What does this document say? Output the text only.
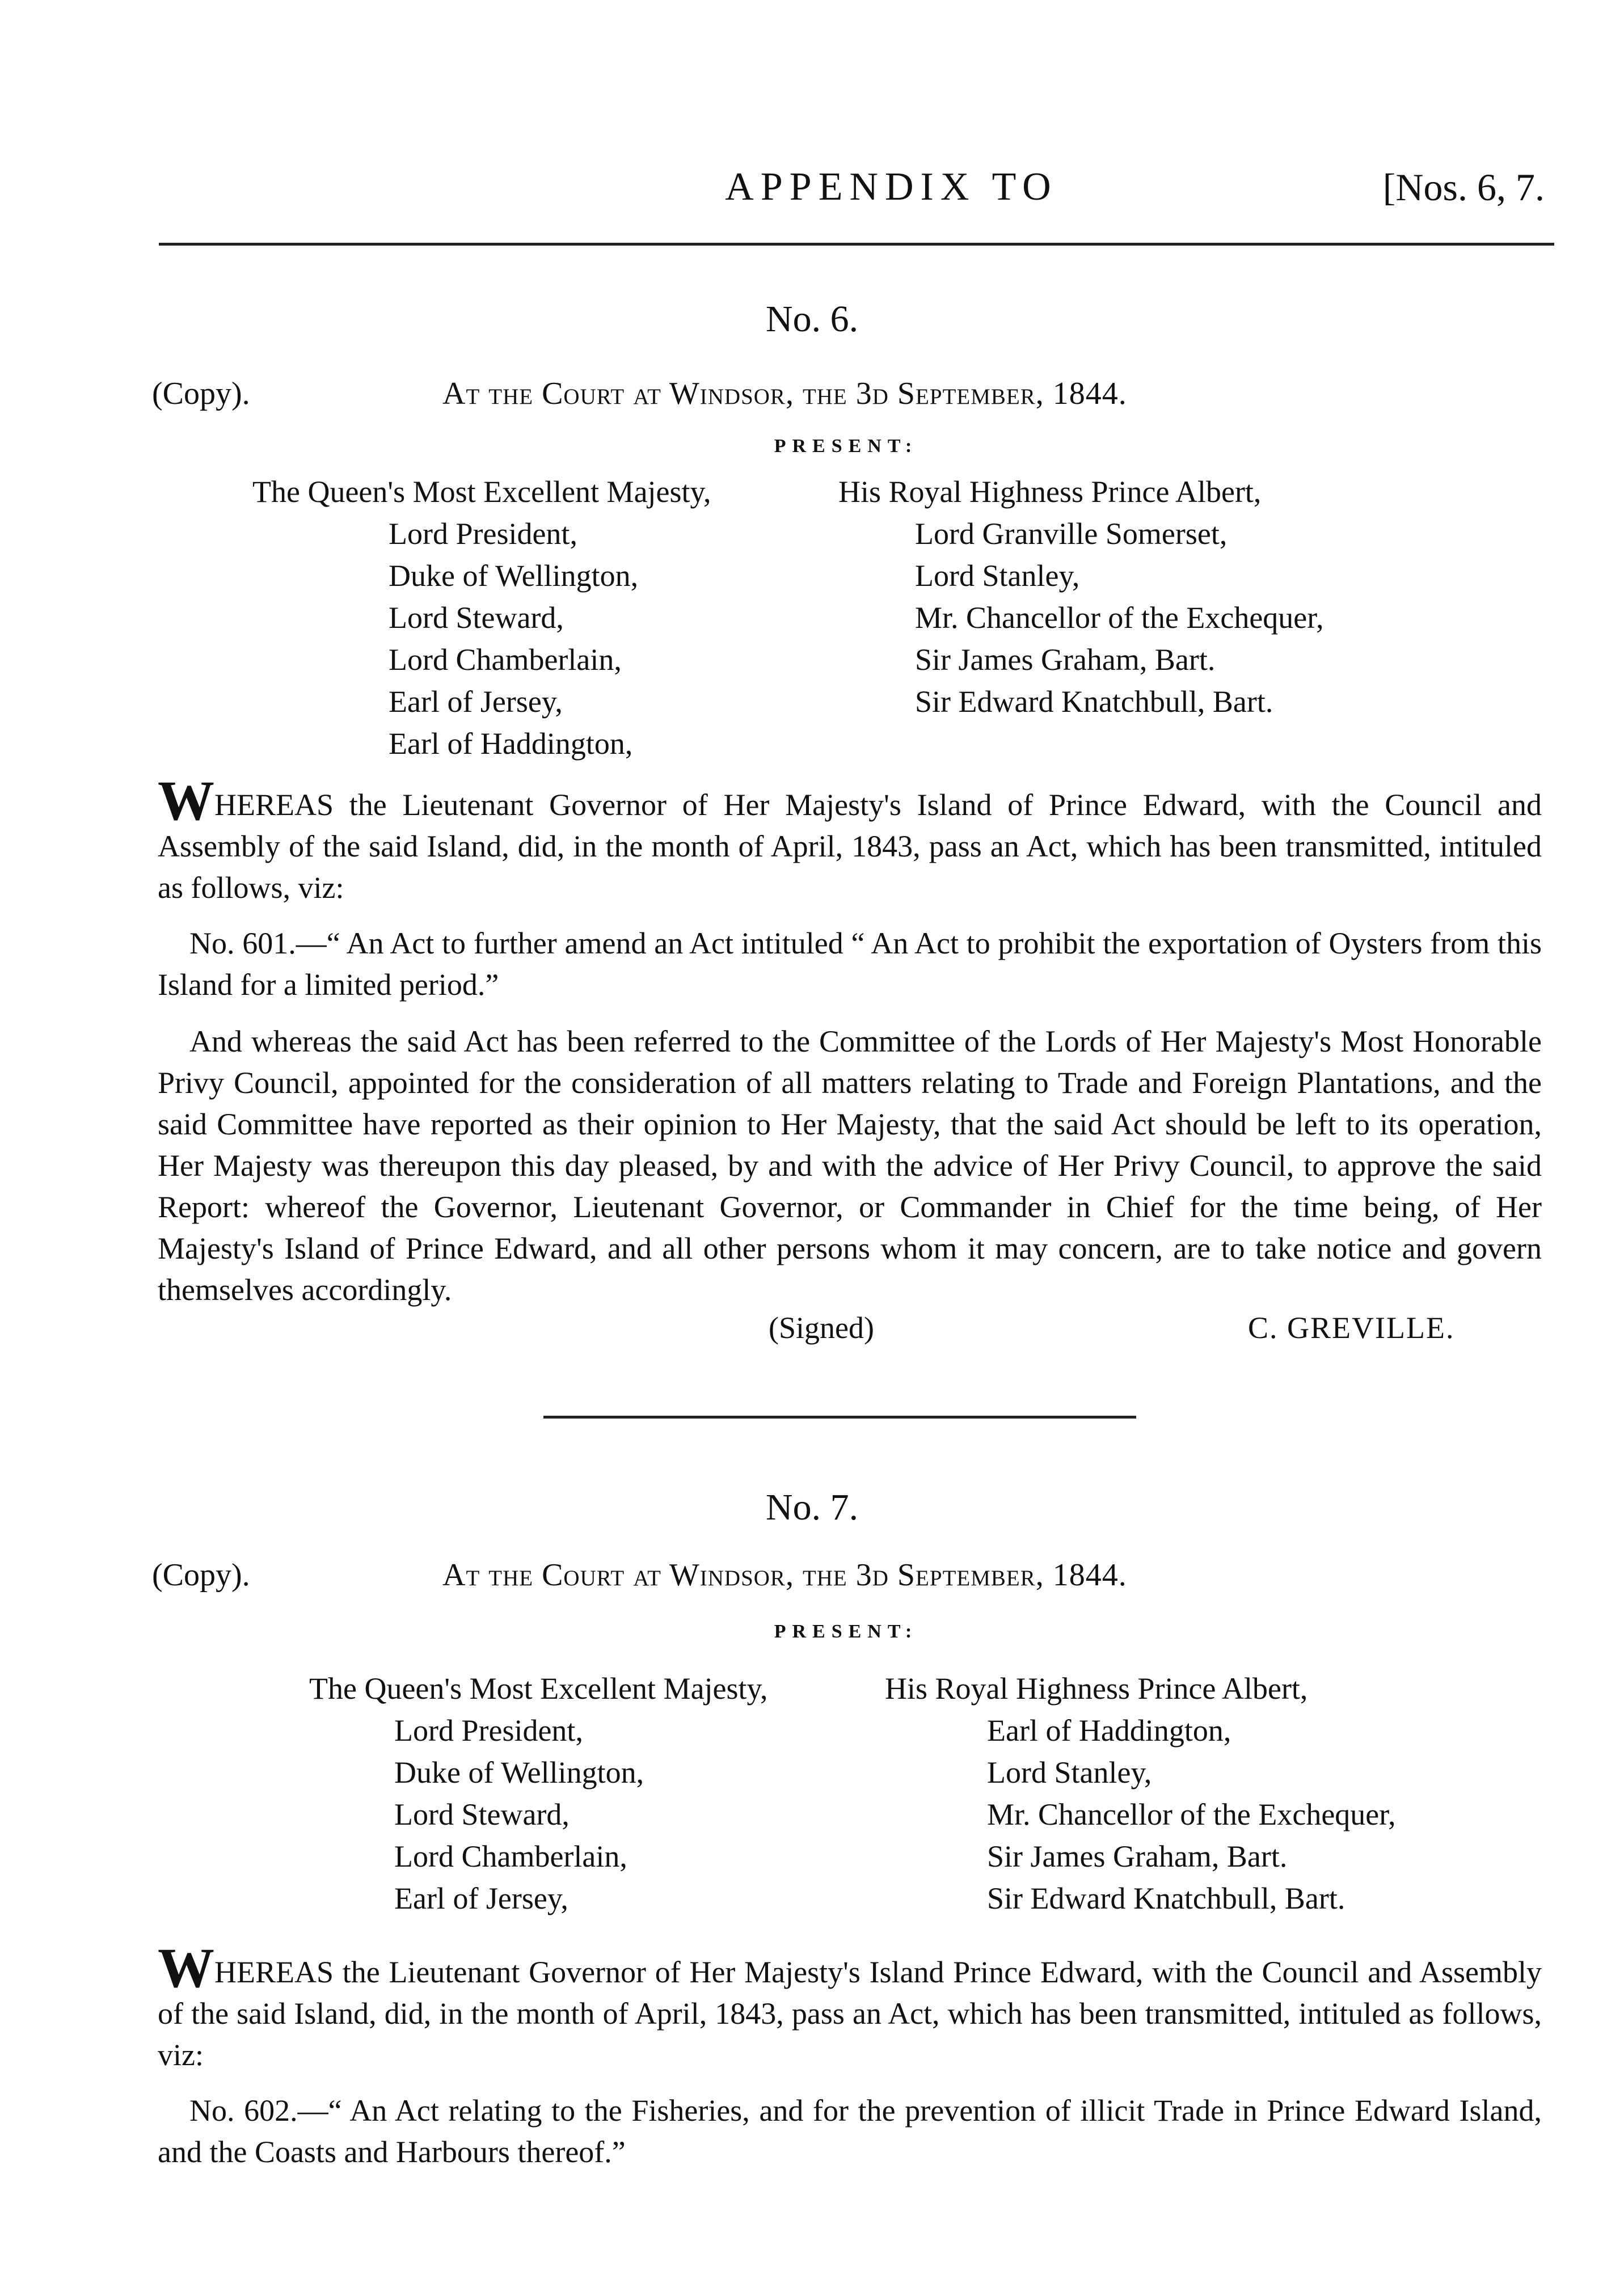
APPENDIX TO	[Nos. 6, 7.
No. 6.
(Copy).	At the Court at Windsor, the 3d September, 1844.
PRESENT:
The Queen's Most Excellent Majesty,
Lord President,
Duke of Wellington,
Lord Steward,
Lord Chamberlain,
Earl of Jersey,
Earl of Haddington,
His Royal Highness Prince Albert,
Lord Granville Somerset,
Lord Stanley,
Mr. Chancellor of the Exchequer,
Sir James Graham, Bart.
Sir Edward Knatchbull, Bart.
WHEREAS the Lieutenant Governor of Her Majesty's Island of Prince Edward, with the Council and Assembly of the said Island, did, in the month of April, 1843, pass an Act, which has been transmitted, intituled as follows, viz:
No. 601.—“ An Act to further amend an Act intituled “ An Act to prohibit the exportation of Oysters from this Island for a limited period.”
And whereas the said Act has been referred to the Committee of the Lords of Her Majesty's Most Honorable Privy Council, appointed for the consideration of all matters relating to Trade and Foreign Plantations, and the said Committee have reported as their opinion to Her Majesty, that the said Act should be left to its operation, Her Majesty was thereupon this day pleased, by and with the advice of Her Privy Council, to approve the said Report: whereof the Governor, Lieutenant Governor, or Commander in Chief for the time being, of Her Majesty's Island of Prince Edward, and all other persons whom it may concern, are to take notice and govern themselves accordingly.
(Signed)	C. GREVILLE.
No. 7.
(Copy).	At the Court at Windsor, the 3d September, 1844.
PRESENT:
The Queen's Most Excellent Majesty,
Lord President,
Duke of Wellington,
Lord Steward,
Lord Chamberlain,
Earl of Jersey,
His Royal Highness Prince Albert,
Earl of Haddington,
Lord Stanley,
Mr. Chancellor of the Exchequer,
Sir James Graham, Bart.
Sir Edward Knatchbull, Bart.
WHEREAS the Lieutenant Governor of Her Majesty's Island Prince Edward, with the Council and Assembly of the said Island, did, in the month of April, 1843, pass an Act, which has been transmitted, intituled as follows, viz:
No. 602.—“ An Act relating to the Fisheries, and for the prevention of illicit Trade in Prince Edward Island, and the Coasts and Harbours thereof.”
